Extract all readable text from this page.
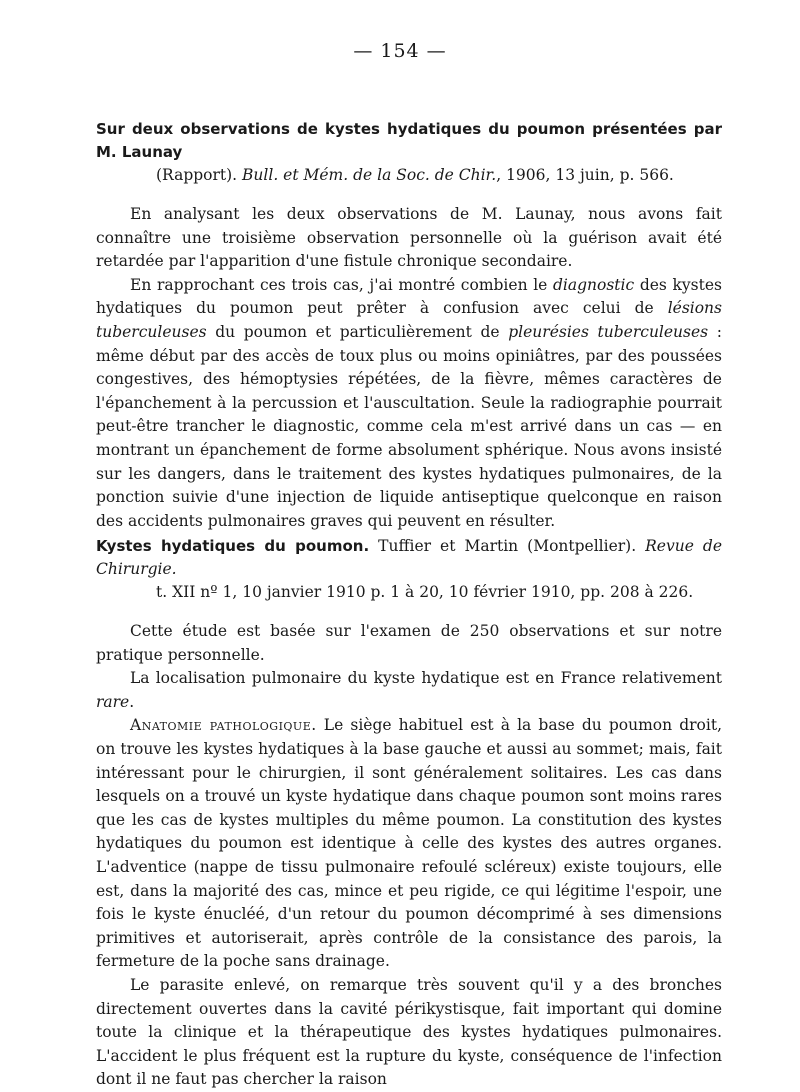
— 154 —
Sur deux observations de kystes hydatiques du poumon présentées par M. Launay
(Rapport). Bull. et Mém. de la Soc. de Chir., 1906, 13 juin, p. 566.

En analysant les deux observations de M. Launay, nous avons fait connaître une troisième observation personnelle où la guérison avait été retardée par l'apparition d'une fistule chronique secondaire.

En rapprochant ces trois cas, j'ai montré combien le diagnostic des kystes hydatiques du poumon peut prêter à confusion avec celui de lésions tuberculeuses du poumon et particulièrement de pleurésies tuberculeuses : même début par des accès de toux plus ou moins opiniâtres, par des poussées congestives, des hémoptysies répétées, de la fièvre, mêmes caractères de l'épanchement à la percussion et l'auscultation. Seule la radiographie pourrait peut-être trancher le diagnostic, comme cela m'est arrivé dans un cas — en montrant un épanchement de forme absolument sphérique. Nous avons insisté sur les dangers, dans le traitement des kystes hydatiques pulmonaires, de la ponction suivie d'une injection de liquide antiseptique quelconque en raison des accidents pulmonaires graves qui peuvent en résulter.

Kystes hydatiques du poumon. Tuffier et Martin (Montpellier). Revue de Chirurgie.
t. XII nº 1, 10 janvier 1910 p. 1 à 20, 10 février 1910, pp. 208 à 226.

Cette étude est basée sur l'examen de 250 observations et sur notre pratique personnelle.

La localisation pulmonaire du kyste hydatique est en France relativement rare.

Anatomie pathologique. Le siège habituel est à la base du poumon droit, on trouve les kystes hydatiques à la base gauche et aussi au sommet; mais, fait intéressant pour le chirurgien, il sont généralement solitaires. Les cas dans lesquels on a trouvé un kyste hydatique dans chaque poumon sont moins rares que les cas de kystes multiples du même poumon. La constitution des kystes hydatiques du poumon est identique à celle des kystes des autres organes. L'adventice (nappe de tissu pulmonaire refoulé scléreux) existe toujours, elle est, dans la majorité des cas, mince et peu rigide, ce qui légitime l'espoir, une fois le kyste énucléé, d'un retour du poumon décomprimé à ses dimensions primitives et autoriserait, après contrôle de la consistance des parois, la fermeture de la poche sans drainage.

Le parasite enlevé, on remarque très souvent qu'il y a des bronches directement ouvertes dans la cavité périkystisque, fait important qui domine toute la clinique et la thérapeutique des kystes hydatiques pulmonaires. L'accident le plus fréquent est la rupture du kyste, conséquence de l'infection dont il ne faut pas chercher la raison
